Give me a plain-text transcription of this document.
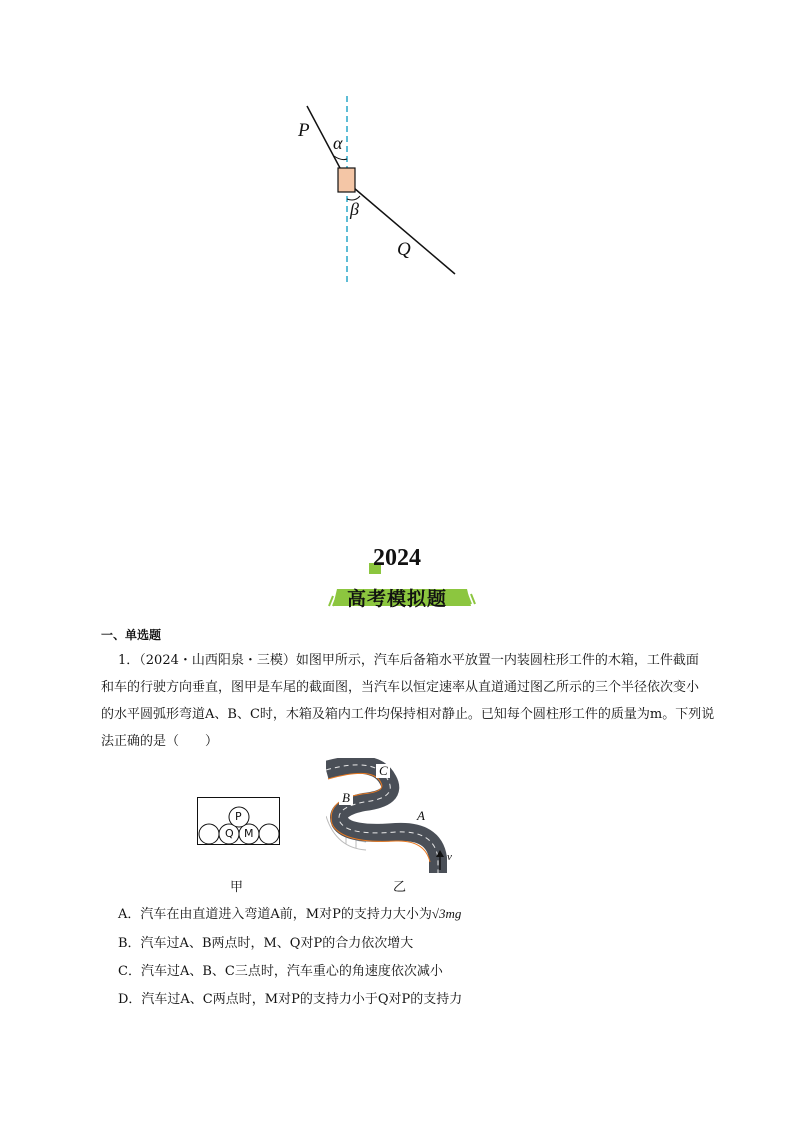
P
α
β
Q
2024
高考模拟题
一、单选题
1．（2024・山西阳泉・三模）如图甲所示，汽车后备箱水平放置一内装圆柱形工件的木箱，工件截面
和车的行驶方向垂直，图甲是车尾的截面图，当汽车以恒定速率从直道通过图乙所示的三个半径依次变小
的水平圆弧形弯道A、B、C时，木箱及箱内工件均保持相对静止。已知每个圆柱形工件的质量为m。下列说
法正确的是（　　）
P
Q M
甲
C
B
A
v
乙
A．汽车在由直道进入弯道A前，M对P的支持力大小为√3mg
B．汽车过A、B两点时，M、Q对P的合力依次增大
C．汽车过A、B、C三点时，汽车重心的角速度依次减小
D．汽车过A、C两点时，M对P的支持力小于Q对P的支持力
